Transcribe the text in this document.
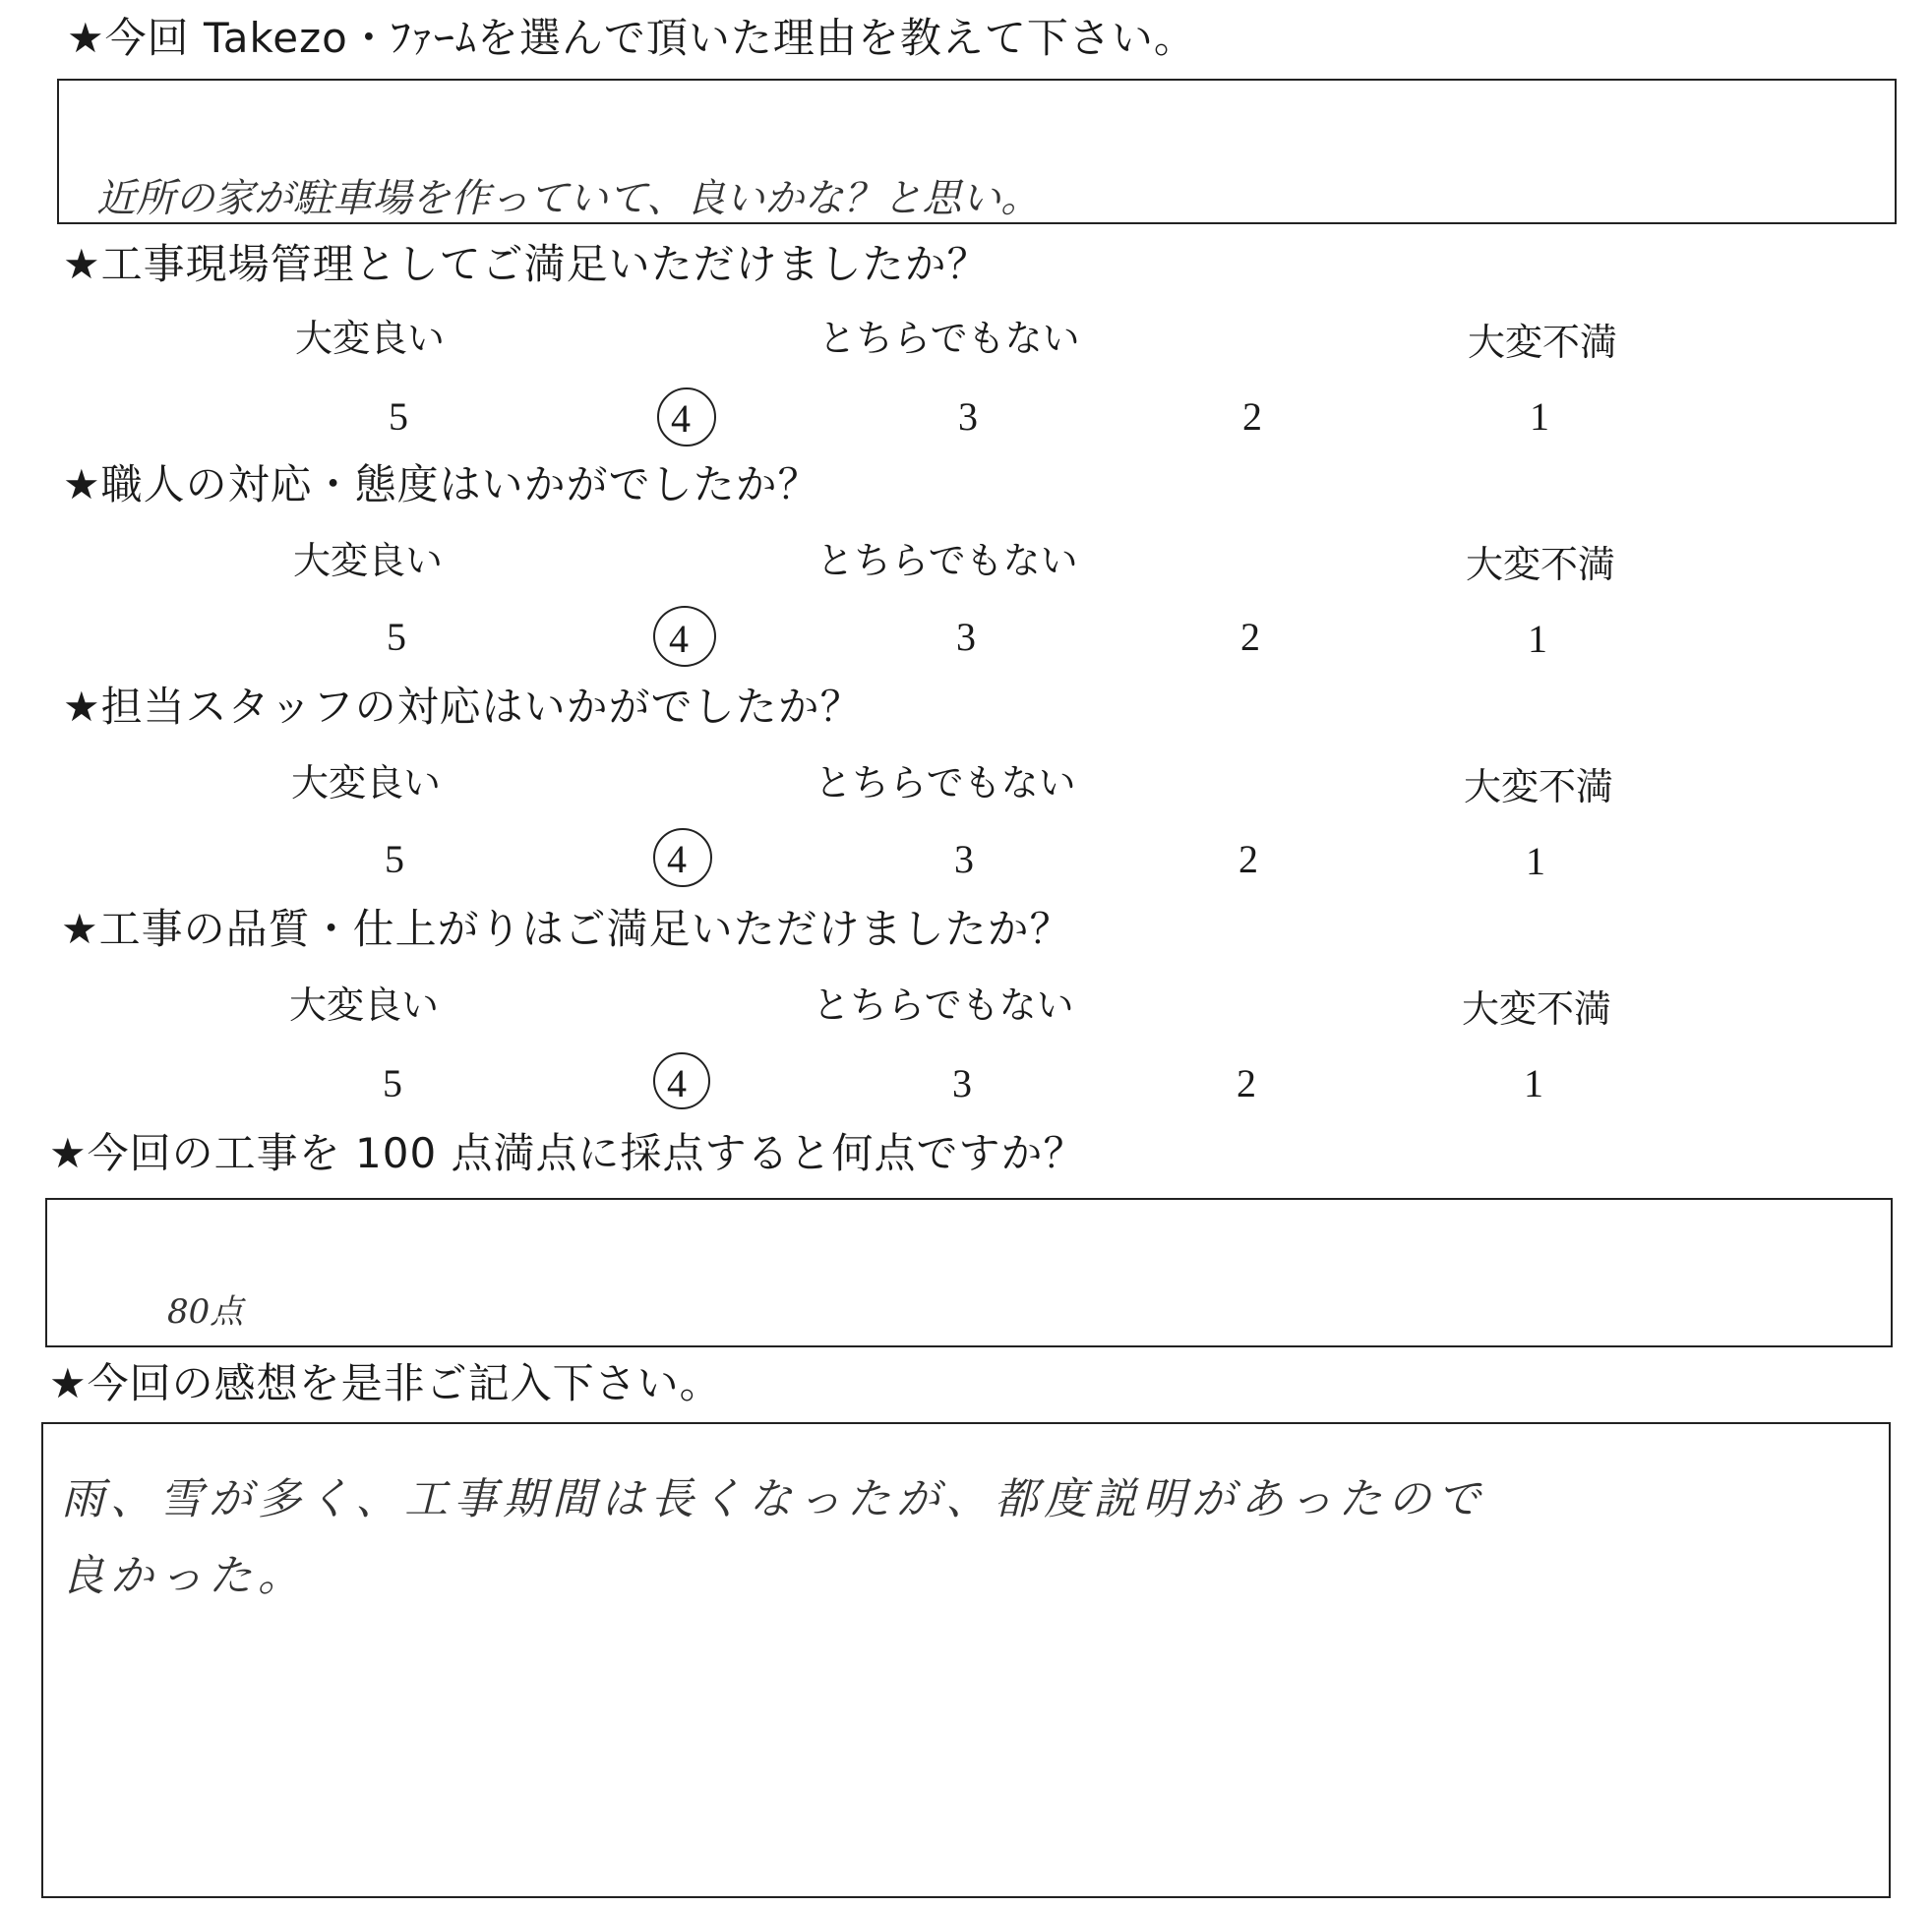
★今回 Takezo・ﾌｧｰﾑを選んで頂いた理由を教えて下さい。
近所の家が駐車場を作っていて、良いかな？と思い。
★工事現場管理としてご満足いただけましたか？
大変良い	とちらでもない	大変不満
5	4	3	2	1
★職人の対応・態度はいかがでしたか？
大変良い	とちらでもない	大変不満
5	4	3	2	1
★担当スタッフの対応はいかがでしたか？
大変良い	とちらでもない	大変不満
5	4	3	2	1
★工事の品質・仕上がりはご満足いただけましたか？
大変良い	とちらでもない	大変不満
5	4	3	2	1
★今回の工事を 100 点満点に採点すると何点ですか？
80点
★今回の感想を是非ご記入下さい。
雨、雪が多く、工事期間は長くなったが、都度説明があったので
良かった。
